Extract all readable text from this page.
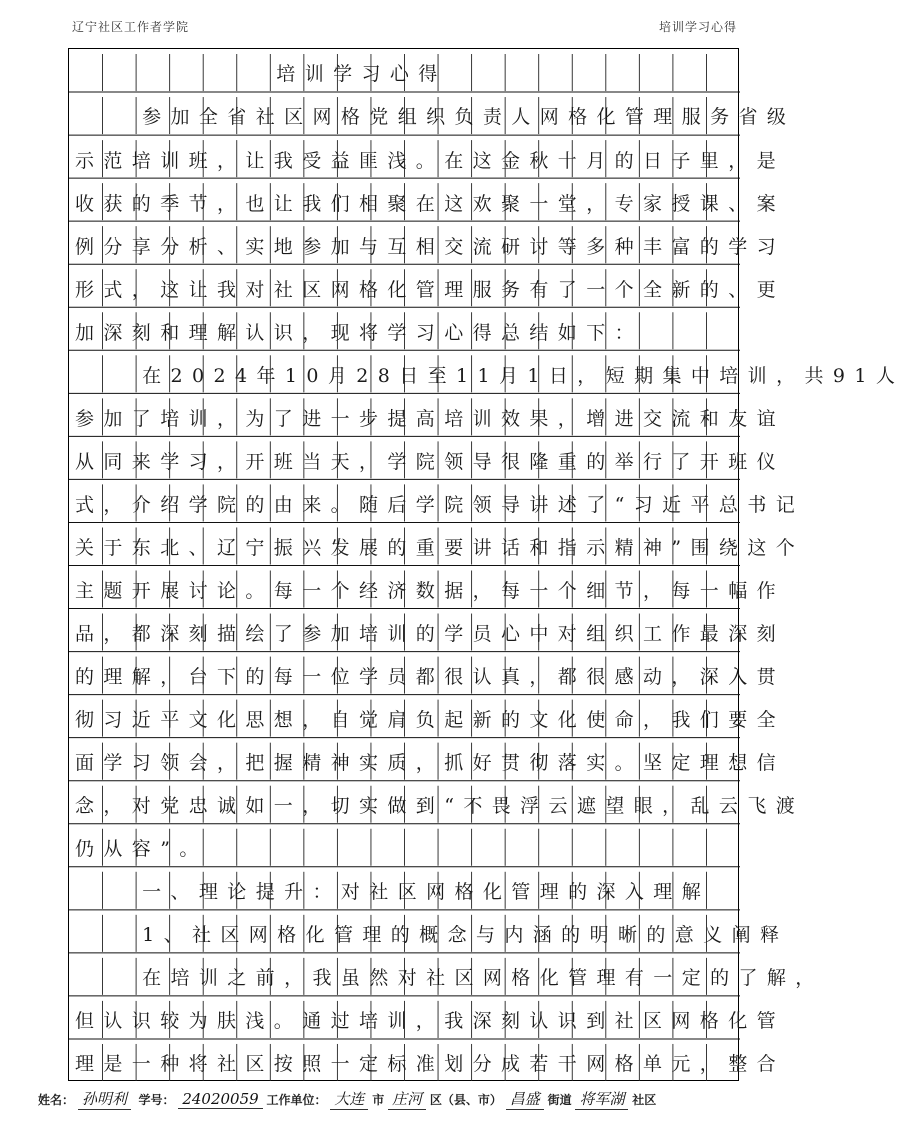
辽宁社区工作者学院	培训学习心得
培训学习心得
参加全省社区网格党组织负责人网格化管理服务省级
示范培训班，让我受益匪浅。在这金秋十月的日子里，是
收获的季节，也让我们相聚在这欢聚一堂，专家授课、案
例分享分析、实地参加与互相交流研讨等多种丰富的学习
形式，这让我对社区网格化管理服务有了一个全新的、更
加深刻和理解认识，现将学习心得总结如下：
在2024年10月28日至11月1日，短期集中培训，共91人
参加了培训，为了进一步提高培训效果，增进交流和友谊
从同来学习，开班当天，学院领导很隆重的举行了开班仪
式，介绍学院的由来。随后学院领导讲述了“习近平总书记
关于东北、辽宁振兴发展的重要讲话和指示精神”围绕这个
主题开展讨论。每一个经济数据，每一个细节，每一幅作
品，都深刻描绘了参加培训的学员心中对组织工作最深刻
的理解，台下的每一位学员都很认真，都很感动，深入贯
彻习近平文化思想，自觉肩负起新的文化使命，我们要全
面学习领会，把握精神实质，抓好贯彻落实。坚定理想信
念，对党忠诚如一，切实做到“不畏浮云遮望眼，乱云飞渡
仍从容”。
一、理论提升：对社区网格化管理的深入理解
1、社区网格化管理的概念与内涵的明晰的意义阐释
在培训之前，我虽然对社区网格化管理有一定的了解，
但认识较为肤浅。通过培训，我深刻认识到社区网格化管
理是一种将社区按照一定标准划分成若干网格单元，整合
姓名： 孙明利 学号： 24020059 工作单位： 大连 市 庄河 区（县、市） 昌盛 街道 将军湖 社区
